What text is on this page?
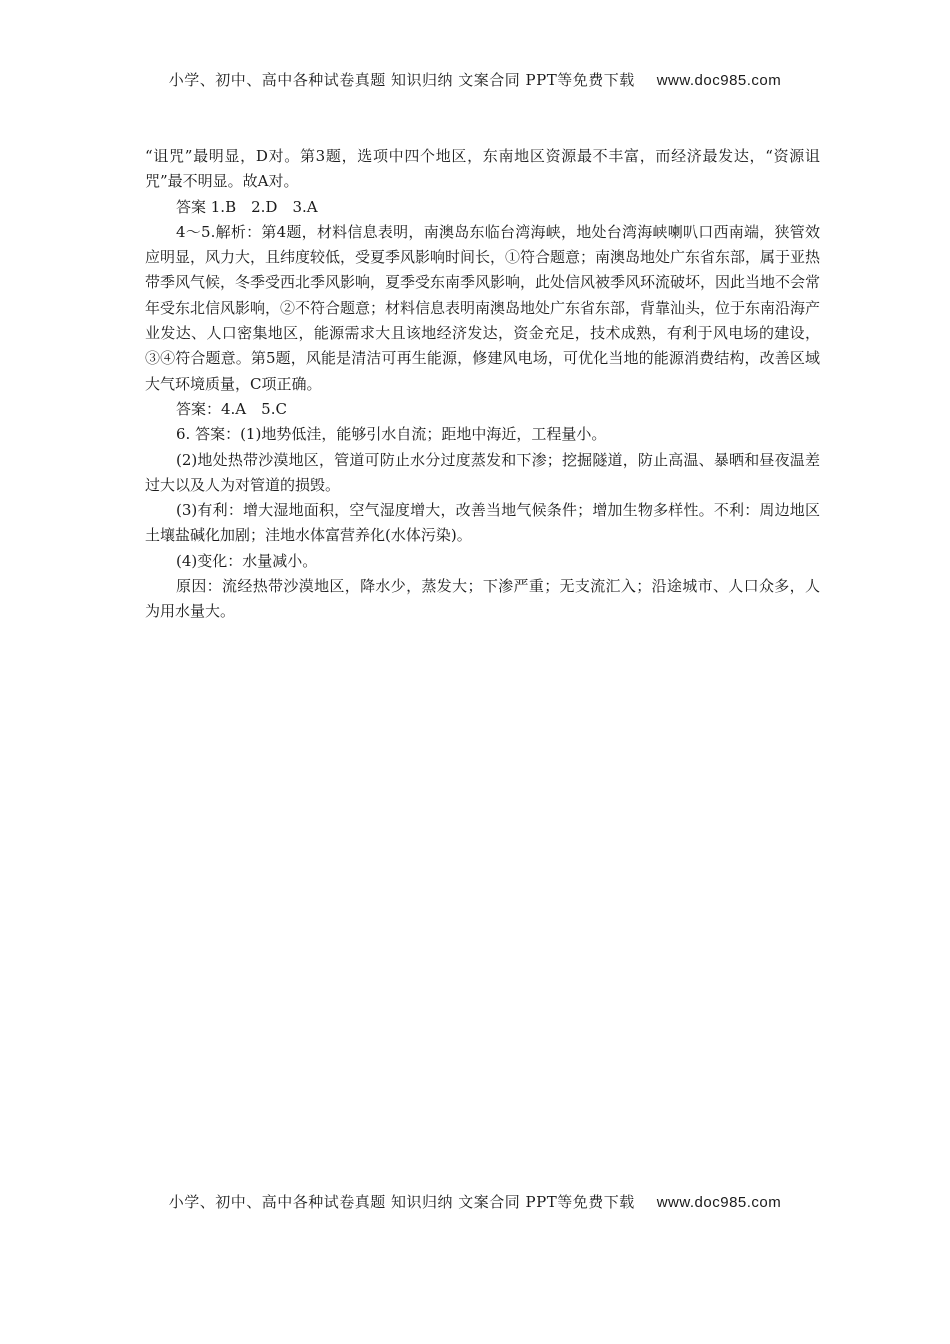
小学、初中、高中各种试卷真题 知识归纳 文案合同 PPT等免费下载 www.doc985.com

“诅咒”最明显，D对。第3题，选项中四个地区，东南地区资源最不丰富，而经济最发达，“资源诅咒”最不明显。故A对。

答案 1.B　2.D　3.A

4～5.解析：第4题，材料信息表明，南澳岛东临台湾海峡，地处台湾海峡喇叭口西南端，狭管效应明显，风力大，且纬度较低，受夏季风影响时间长，①符合题意；南澳岛地处广东省东部，属于亚热带季风气候，冬季受西北季风影响，夏季受东南季风影响，此处信风被季风环流破坏，因此当地不会常年受东北信风影响，②不符合题意；材料信息表明南澳岛地处广东省东部，背靠汕头，位于东南沿海产业发达、人口密集地区，能源需求大且该地经济发达，资金充足，技术成熟，有利于风电场的建设，③④符合题意。第5题，风能是清洁可再生能源，修建风电场，可优化当地的能源消费结构，改善区域大气环境质量，C项正确。

答案：4.A　5.C

6. 答案：(1)地势低洼，能够引水自流；距地中海近，工程量小。

(2)地处热带沙漠地区，管道可防止水分过度蒸发和下渗；挖掘隧道，防止高温、暴晒和昼夜温差过大以及人为对管道的损毁。

(3)有利：增大湿地面积，空气湿度增大，改善当地气候条件；增加生物多样性。不利：周边地区土壤盐碱化加剧；洼地水体富营养化(水体污染)。

(4)变化：水量减小。

原因：流经热带沙漠地区，降水少，蒸发大；下渗严重；无支流汇入；沿途城市、人口众多，人为用水量大。

小学、初中、高中各种试卷真题 知识归纳 文案合同 PPT等免费下载 www.doc985.com
